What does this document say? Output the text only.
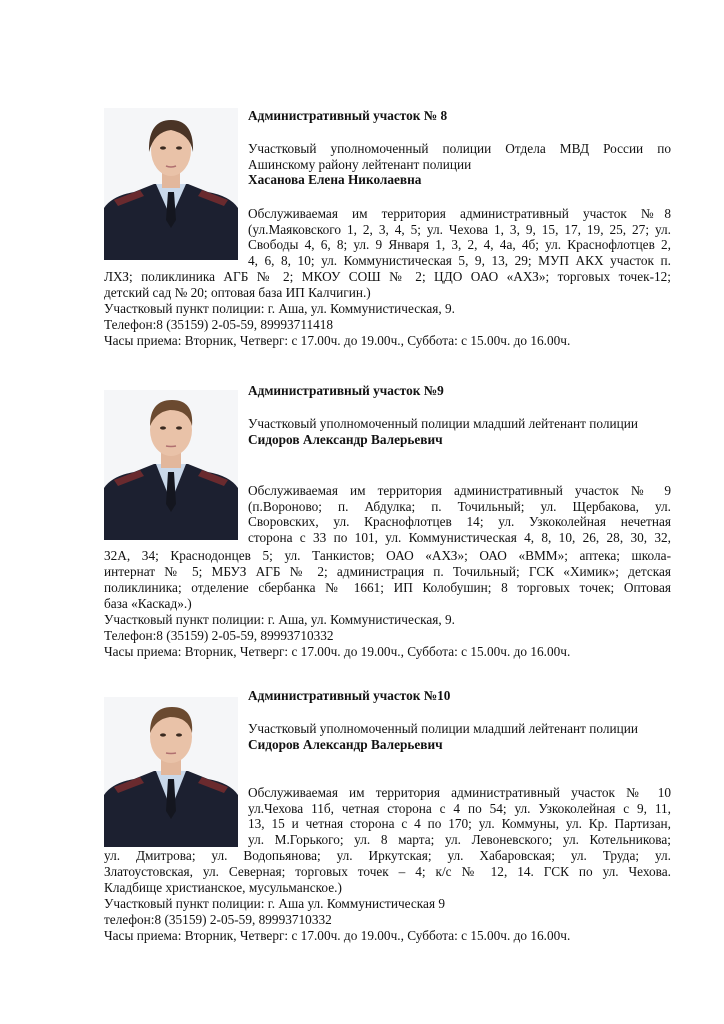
Административный участок № 8

Участковый уполномоченный полиции Отдела МВД России по Ашинскому району лейтенант полиции

Хасанова Елена Николаевна

Обслуживаемая им территория административный участок №8
(ул.Маяковского 1, 2, 3, 4, 5; ул. Чехова 1, 3, 9, 15, 17, 19, 25, 27; ул.
Свободы 4, 6, 8; ул. 9 Января 1, 3, 2, 4, 4а, 4б; ул. Краснофлотцев 2,
4, 6, 8, 10; ул. Коммунистическая 5, 9, 13, 29; МУП АКХ участок п.
ЛХЗ; поликлиника АГБ № 2; МКОУ СОШ № 2; ЦДО ОАО «АХЗ»; торговых точек-12;
детский сад № 20; оптовая база ИП Калчигин.)
Участковый пункт полиции: г. Аша, ул. Коммунистическая, 9.
Телефон:8 (35159) 2-05-59, 89993711418
Часы приема: Вторник, Четверг: с 17.00ч. до 19.00ч., Суббота: с 15.00ч. до 16.00ч.

Административный участок №9

Участковый уполномоченный полиции младший лейтенант полиции

Сидоров Александр Валерьевич

Обслуживаемая им территория административный участок № 9
(п.Вороново; п. Абдулка; п. Точильный; ул. Щербакова, ул.
Своровских, ул. Краснофлотцев 14; ул. Узкоколейная нечетная
сторона с 33 по 101, ул. Коммунистическая 4, 8, 10, 26, 28, 30, 32,
32А, 34; Краснодонцев 5; ул. Танкистов; ОАО «АХЗ»; ОАО «ВММ»; аптека; школа-
интернат № 5; МБУЗ АГБ № 2; администрация п. Точильный; ГСК «Химик»; детская
поликлиника; отделение сбербанка № 1661; ИП Колобушин; 8 торговых точек; Оптовая
база «Каскад».)
Участковый пункт полиции: г. Аша, ул. Коммунистическая, 9.
Телефон:8 (35159) 2-05-59, 89993710332
Часы приема: Вторник, Четверг: с 17.00ч. до 19.00ч., Суббота: с 15.00ч. до 16.00ч.

Административный участок №10

Участковый уполномоченный полиции младший лейтенант полиции

Сидоров Александр Валерьевич

Обслуживаемая им территория административный участок № 10
ул.Чехова 11б, четная сторона с 4 по 54; ул. Узкоколейная с 9, 11,
13, 15 и четная сторона с 4 по 170; ул. Коммуны, ул. Кр. Партизан,
ул. М.Горького; ул. 8 марта; ул. Левоневского; ул. Котельникова;
ул. Дмитрова; ул. Водопьянова; ул. Иркутская; ул. Хабаровская; ул. Труда; ул.
Златоустовская, ул. Северная; торговых точек – 4; к/с № 12, 14. ГСК по ул. Чехова.
Кладбище христианское, мусульманское.)
Участковый пункт полиции: г. Аша ул. Коммунистическая 9
телефон:8 (35159) 2-05-59, 89993710332
Часы приема: Вторник, Четверг: с 17.00ч. до 19.00ч., Суббота: с 15.00ч. до 16.00ч.
